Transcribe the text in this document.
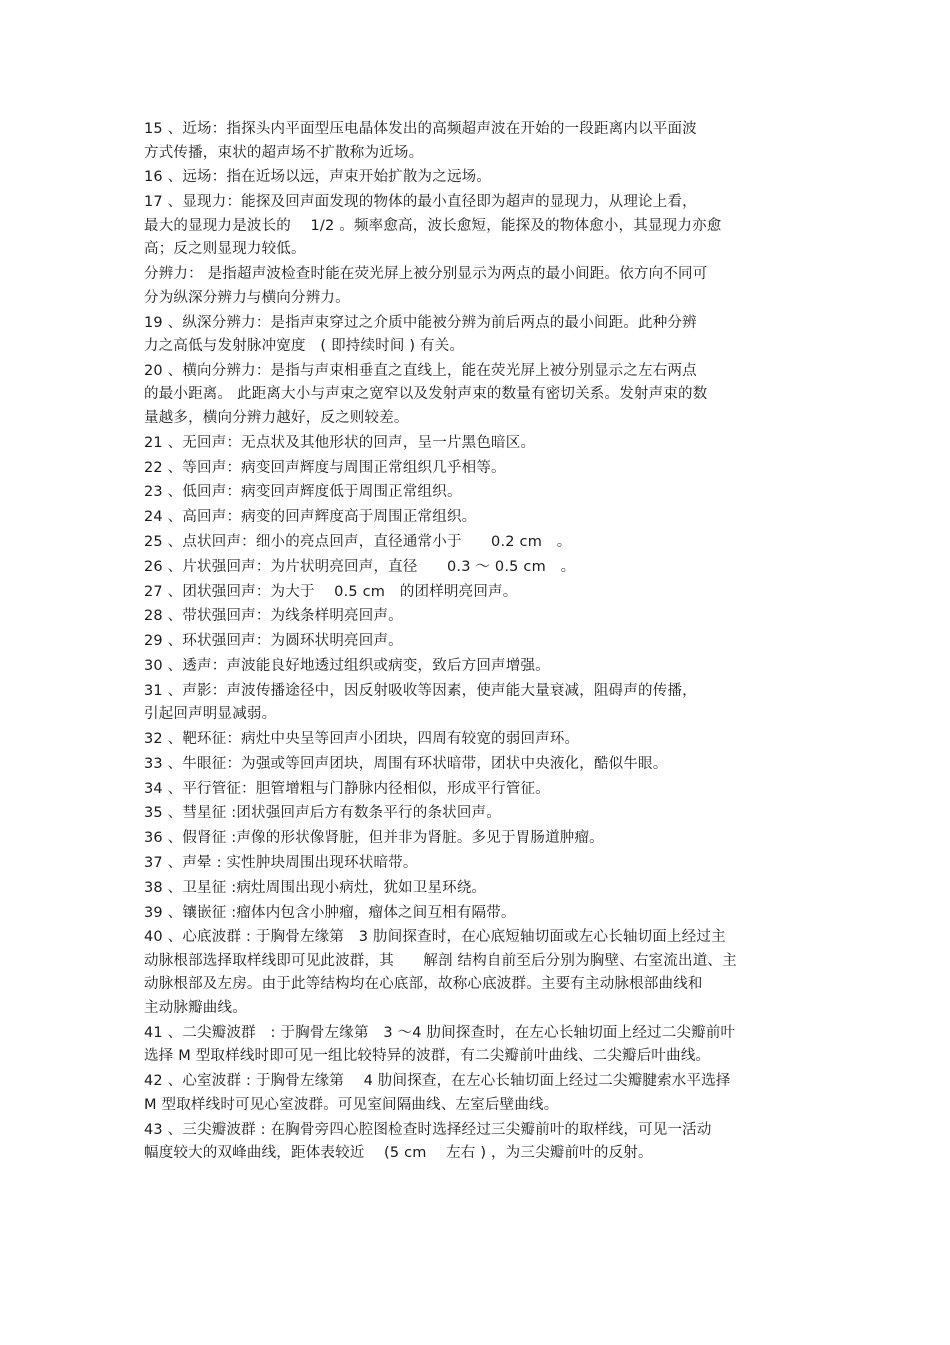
15 、近场：指探头内平面型压电晶体发出的高频超声波在开始的一段距离内以平面波
方式传播，束状的超声场不扩散称为近场。
16 、远场：指在近场以远，声束开始扩散为之远场。
17 、显现力：能探及回声面发现的物体的最小直径即为超声的显现力，从理论上看，
最大的显现力是波长的　 1/2 。频率愈高，波长愈短，能探及的物体愈小，其显现力亦愈
高；反之则显现力较低。
分辨力： 是指超声波检查时能在荧光屏上被分别显示为两点的最小间距。依方向不同可
分为纵深分辨力与横向分辨力。
19 、纵深分辨力：是指声束穿过之介质中能被分辨为前后两点的最小间距。此种分辨
力之高低与发射脉冲宽度　( 即持续时间 ) 有关。
20 、横向分辨力：是指与声束相垂直之直线上，能在荧光屏上被分别显示之左右两点
的最小距离。 此距离大小与声束之宽窄以及发射声束的数量有密切关系。发射声束的数
量越多，横向分辨力越好，反之则较差。
21 、无回声：无点状及其他形状的回声，呈一片黑色暗区。
22 、等回声：病变回声辉度与周围正常组织几乎相等。
23 、低回声：病变回声辉度低于周围正常组织。
24 、高回声：病变的回声辉度高于周围正常组织。
25 、点状回声：细小的亮点回声，直径通常小于　　0.2 cm　。
26 、片状强回声：为片状明亮回声，直径　　0.3 ～ 0.5 cm　。
27 、团状强回声：为大于　 0.5 cm　的团样明亮回声。
28 、带状强回声：为线条样明亮回声。
29 、环状强回声：为圆环状明亮回声。
30 、透声：声波能良好地透过组织或病变，致后方回声增强。
31 、声影：声波传播途径中，因反射吸收等因素，使声能大量衰减，阻碍声的传播，
引起回声明显减弱。
32 、靶环征：病灶中央呈等回声小团块，四周有较宽的弱回声环。
33 、牛眼征：为强或等回声团块，周围有环状暗带，团状中央液化，酷似牛眼。
34 、平行管征：胆管增粗与门静脉内径相似，形成平行管征。
35 、彗星征 :团状强回声后方有数条平行的条状回声。
36 、假肾征 :声像的形状像肾脏，但并非为肾脏。多见于胃肠道肿瘤。
37 、声晕 : 实性肿块周围出现环状暗带。
38 、卫星征 :病灶周围出现小病灶，犹如卫星环绕。
39 、镶嵌征 :瘤体内包含小肿瘤，瘤体之间互相有隔带。
40 、心底波群 : 于胸骨左缘第　3 肋间探查时，在心底短轴切面或左心长轴切面上经过主
动脉根部选择取样线即可见此波群，其　　解剖 结构自前至后分别为胸壁、右室流出道、主
动脉根部及左房。由于此等结构均在心底部，故称心底波群。主要有主动脉根部曲线和
主动脉瓣曲线。
41 、二尖瓣波群　: 于胸骨左缘第　3 ～4 肋间探查时，在左心长轴切面上经过二尖瓣前叶
选择 M 型取样线时即可见一组比较特异的波群，有二尖瓣前叶曲线、二尖瓣后叶曲线。
42 、心室波群 : 于胸骨左缘第　 4 肋间探查，在左心长轴切面上经过二尖瓣腱索水平选择
M 型取样线时可见心室波群。可见室间隔曲线、左室后壁曲线。
43 、三尖瓣波群 : 在胸骨旁四心腔图检查时选择经过三尖瓣前叶的取样线，可见一活动
幅度较大的双峰曲线，距体表较近　 (5 cm　 左右 ) ，为三尖瓣前叶的反射。
